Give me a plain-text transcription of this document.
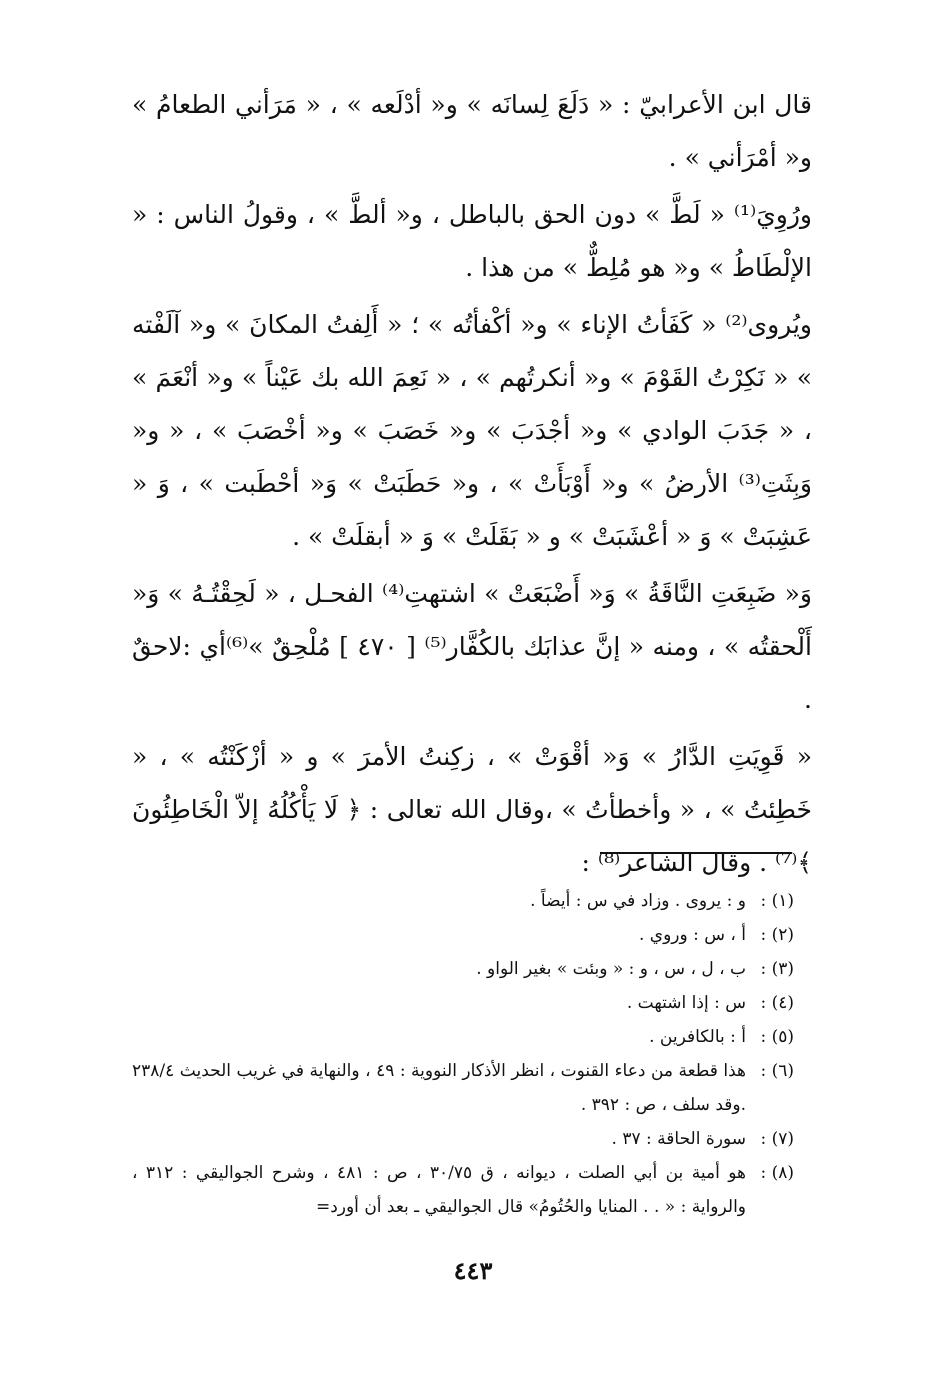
قال ابن الأعرابيّ : « دَلَعَ لِسانَه » و« أدْلَعه » ، « مَرَأني الطعامُ » و« أمْرَأني » .

ورُوِيَ⁽¹⁾ « لَطَّ » دون الحق بالباطل ، و« ألطَّ » ، وقولُ الناس : « الإلْطَاطُ » و« هو مُلِطٌّ » من هذا .

ويُروى⁽²⁾ « كَفَأتُ الإناء » و« أكْفأتُه » ؛ « أَلِفتُ المكانَ » و« آلَفْته » « نَكِرْتُ القَوْمَ » و« أنكرتُهم » ، « نَعِمَ الله بك عَيْناً » و« أنْعَمَ » ، « جَدَبَ الوادي » و« أجْدَبَ » و« خَصَبَ » و« أخْصَبَ » ، « و« وَبِثَتِ⁽³⁾ الأرضُ » و« أَوْبَأَتْ » ، و« حَطَبَتْ » وَ« أحْطَبت » ، وَ « عَشِبَتْ » وَ « أعْشَبَتْ » و « بَقَلَتْ » وَ « أبقلَتْ » .

وَ« ضَبِعَتِ النَّاقَةُ » وَ« أَضْبَعَتْ » اشتهتِ⁽⁴⁾ الفحـل ، « لَحِقْتُـهُ » وَ« أَلْحقتُه » ، ومنه « إنَّ عذابَك بالكُفَّار⁽⁵⁾ [ ٤٧٠ ] مُلْحِقٌ »⁽⁶⁾أي :لاحقٌ .

« قَوِيَتِ الدَّارُ » وَ« أقْوَتْ » ، زكِنتُ الأمرَ » و « أزْكَنْتُه » ، « خَطِئتُ » ، « وأخطأتُ » ،وقال الله تعالى : ﴿ لَا يَأْكُلُهُ إلاّ الْخَاطِئُونَ ﴾⁽⁷⁾ . وقال الشاعر⁽⁸⁾ :

(١) :
و : يروى . وزاد في س : أيضاً .
(٢) :
أ ، س : وروي .
(٣) :
ب ، ل ، س ، و : « وبئت » بغير الواو .
(٤) :
س : إذا اشتهت .
(٥) :
أ : بالكافرين .
(٦) :
هذا قطعة من دعاء القنوت ، انظر الأذكار النووية : ٤٩ ، والنهاية في غريب الحديث ٢٣٨/٤ .وقد سلف ، ص : ٣٩٢ .
(٧) :
سورة الحاقة : ٣٧ .
(٨) :
هو أمية بن أبي الصلت ، ديوانه ، ق ٣٠/٧٥ ، ص : ٤٨١ ، وشرح الجواليقي : ٣١٢ ، والرواية : « . . المنايا والحُتُومُ» قال الجواليقي ـ بعد أن أورد=
٤٤٣
